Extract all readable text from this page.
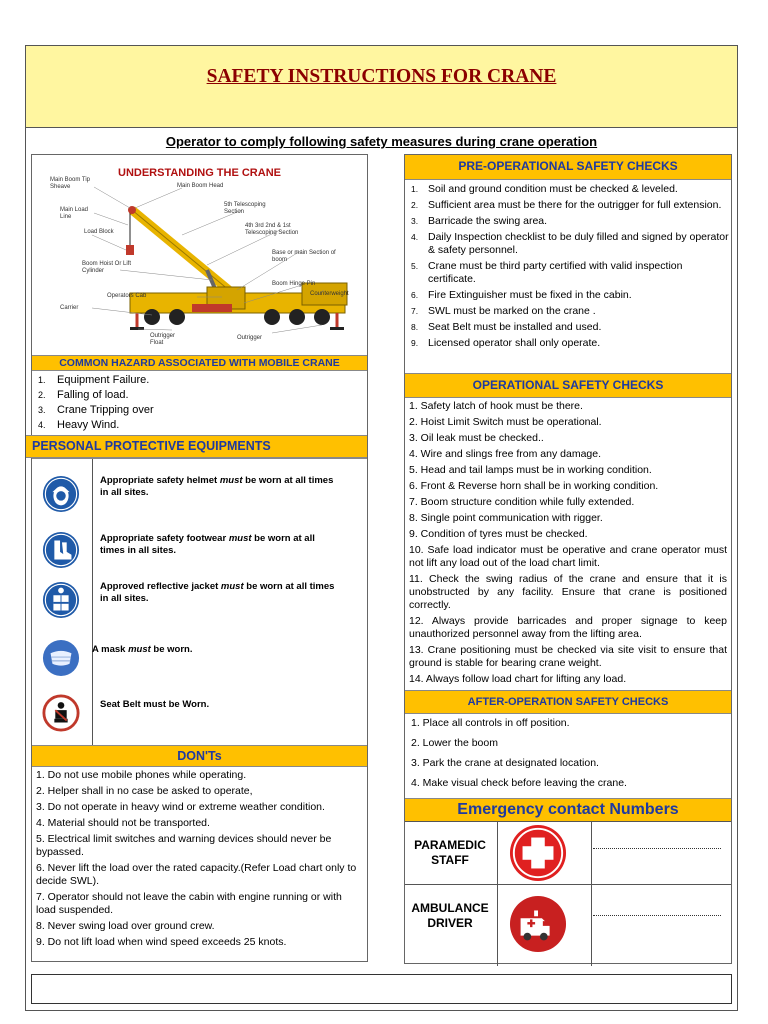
SAFETY INSTRUCTIONS FOR CRANE
Operator to comply following safety measures during crane operation
UNDERSTANDING THE CRANE
Main Boom Tip Sheave	Main Boom Head
Main Load Line
5th Telescoping Section
Load Block
4th 3rd 2nd & 1st Telescoping Section
Base or main Section of boom
Boom Hoist Or Lift Cylinder
Boom Hinge Pin
Operators Cab	Counterweight
Carrier
Outrigger Float
Outrigger
COMMON HAZARD ASSOCIATED WITH MOBILE CRANE
1.	Equipment Failure.
2.	Falling of load.
3.	Crane Tripping over
4.	Heavy Wind.
PERSONAL PROTECTIVE EQUIPMENTS
Appropriate safety helmet must be worn at all times in all sites.
Appropriate safety footwear must be worn at all times in all sites.
Approved reflective jacket must be worn at all times in all sites.
A mask must be worn.
Seat Belt must be Worn.
DON'Ts
1. Do not use mobile phones while operating.
2. Helper shall in no case be asked to operate,
3. Do not operate in heavy wind or extreme weather condition.
4. Material should not be transported.
5. Electrical limit switches and warning devices should never be bypassed.
6. Never lift the load over the rated capacity.(Refer Load chart only to decide SWL).
7. Operator should not leave the cabin with engine running or with load suspended.
8. Never swing load over ground crew.
9. Do not lift load when wind speed exceeds 25 knots.
PRE-OPERATIONAL SAFETY CHECKS
1. Soil and ground condition must be checked & leveled.
2. Sufficient area must be there for the outrigger for full extension.
3. Barricade the swing area.
4. Daily Inspection checklist to be duly filled and signed by operator & safety personnel.
5. Crane must be third party certified with valid inspection certificate.
6. Fire Extinguisher must be fixed in the cabin.
7. SWL must be marked on the crane .
8. Seat Belt must be installed and used.
9. Licensed operator shall only operate.
OPERATIONAL SAFETY CHECKS
1. Safety latch of hook must be there.
2. Hoist Limit Switch must be operational.
3. Oil leak must be checked..
4. Wire and slings free from any damage.
5. Head and tail lamps must be in working condition.
6. Front & Reverse horn shall be in working condition.
7. Boom structure condition while fully extended.
8. Single point communication with rigger.
9. Condition of tyres must be checked.
10. Safe load indicator must be operative and crane operator must not lift any load out of the load chart limit.
11. Check the swing radius of the crane and ensure that it is unobstructed by any facility. Ensure that crane is positioned correctly.
12. Always provide barricades and proper signage to keep unauthorized personnel away from the lifting area.
13. Crane positioning must be checked via site visit to ensure that ground is stable for bearing crane weight.
14. Always follow load chart for lifting any load.
AFTER-OPERATION SAFETY CHECKS
1. Place all controls in off position.
2. Lower the boom
3. Park the crane at designated location.
4. Make visual check before leaving the crane.
Emergency contact Numbers
PARAMEDIC
STAFF
AMBULANCE
DRIVER
